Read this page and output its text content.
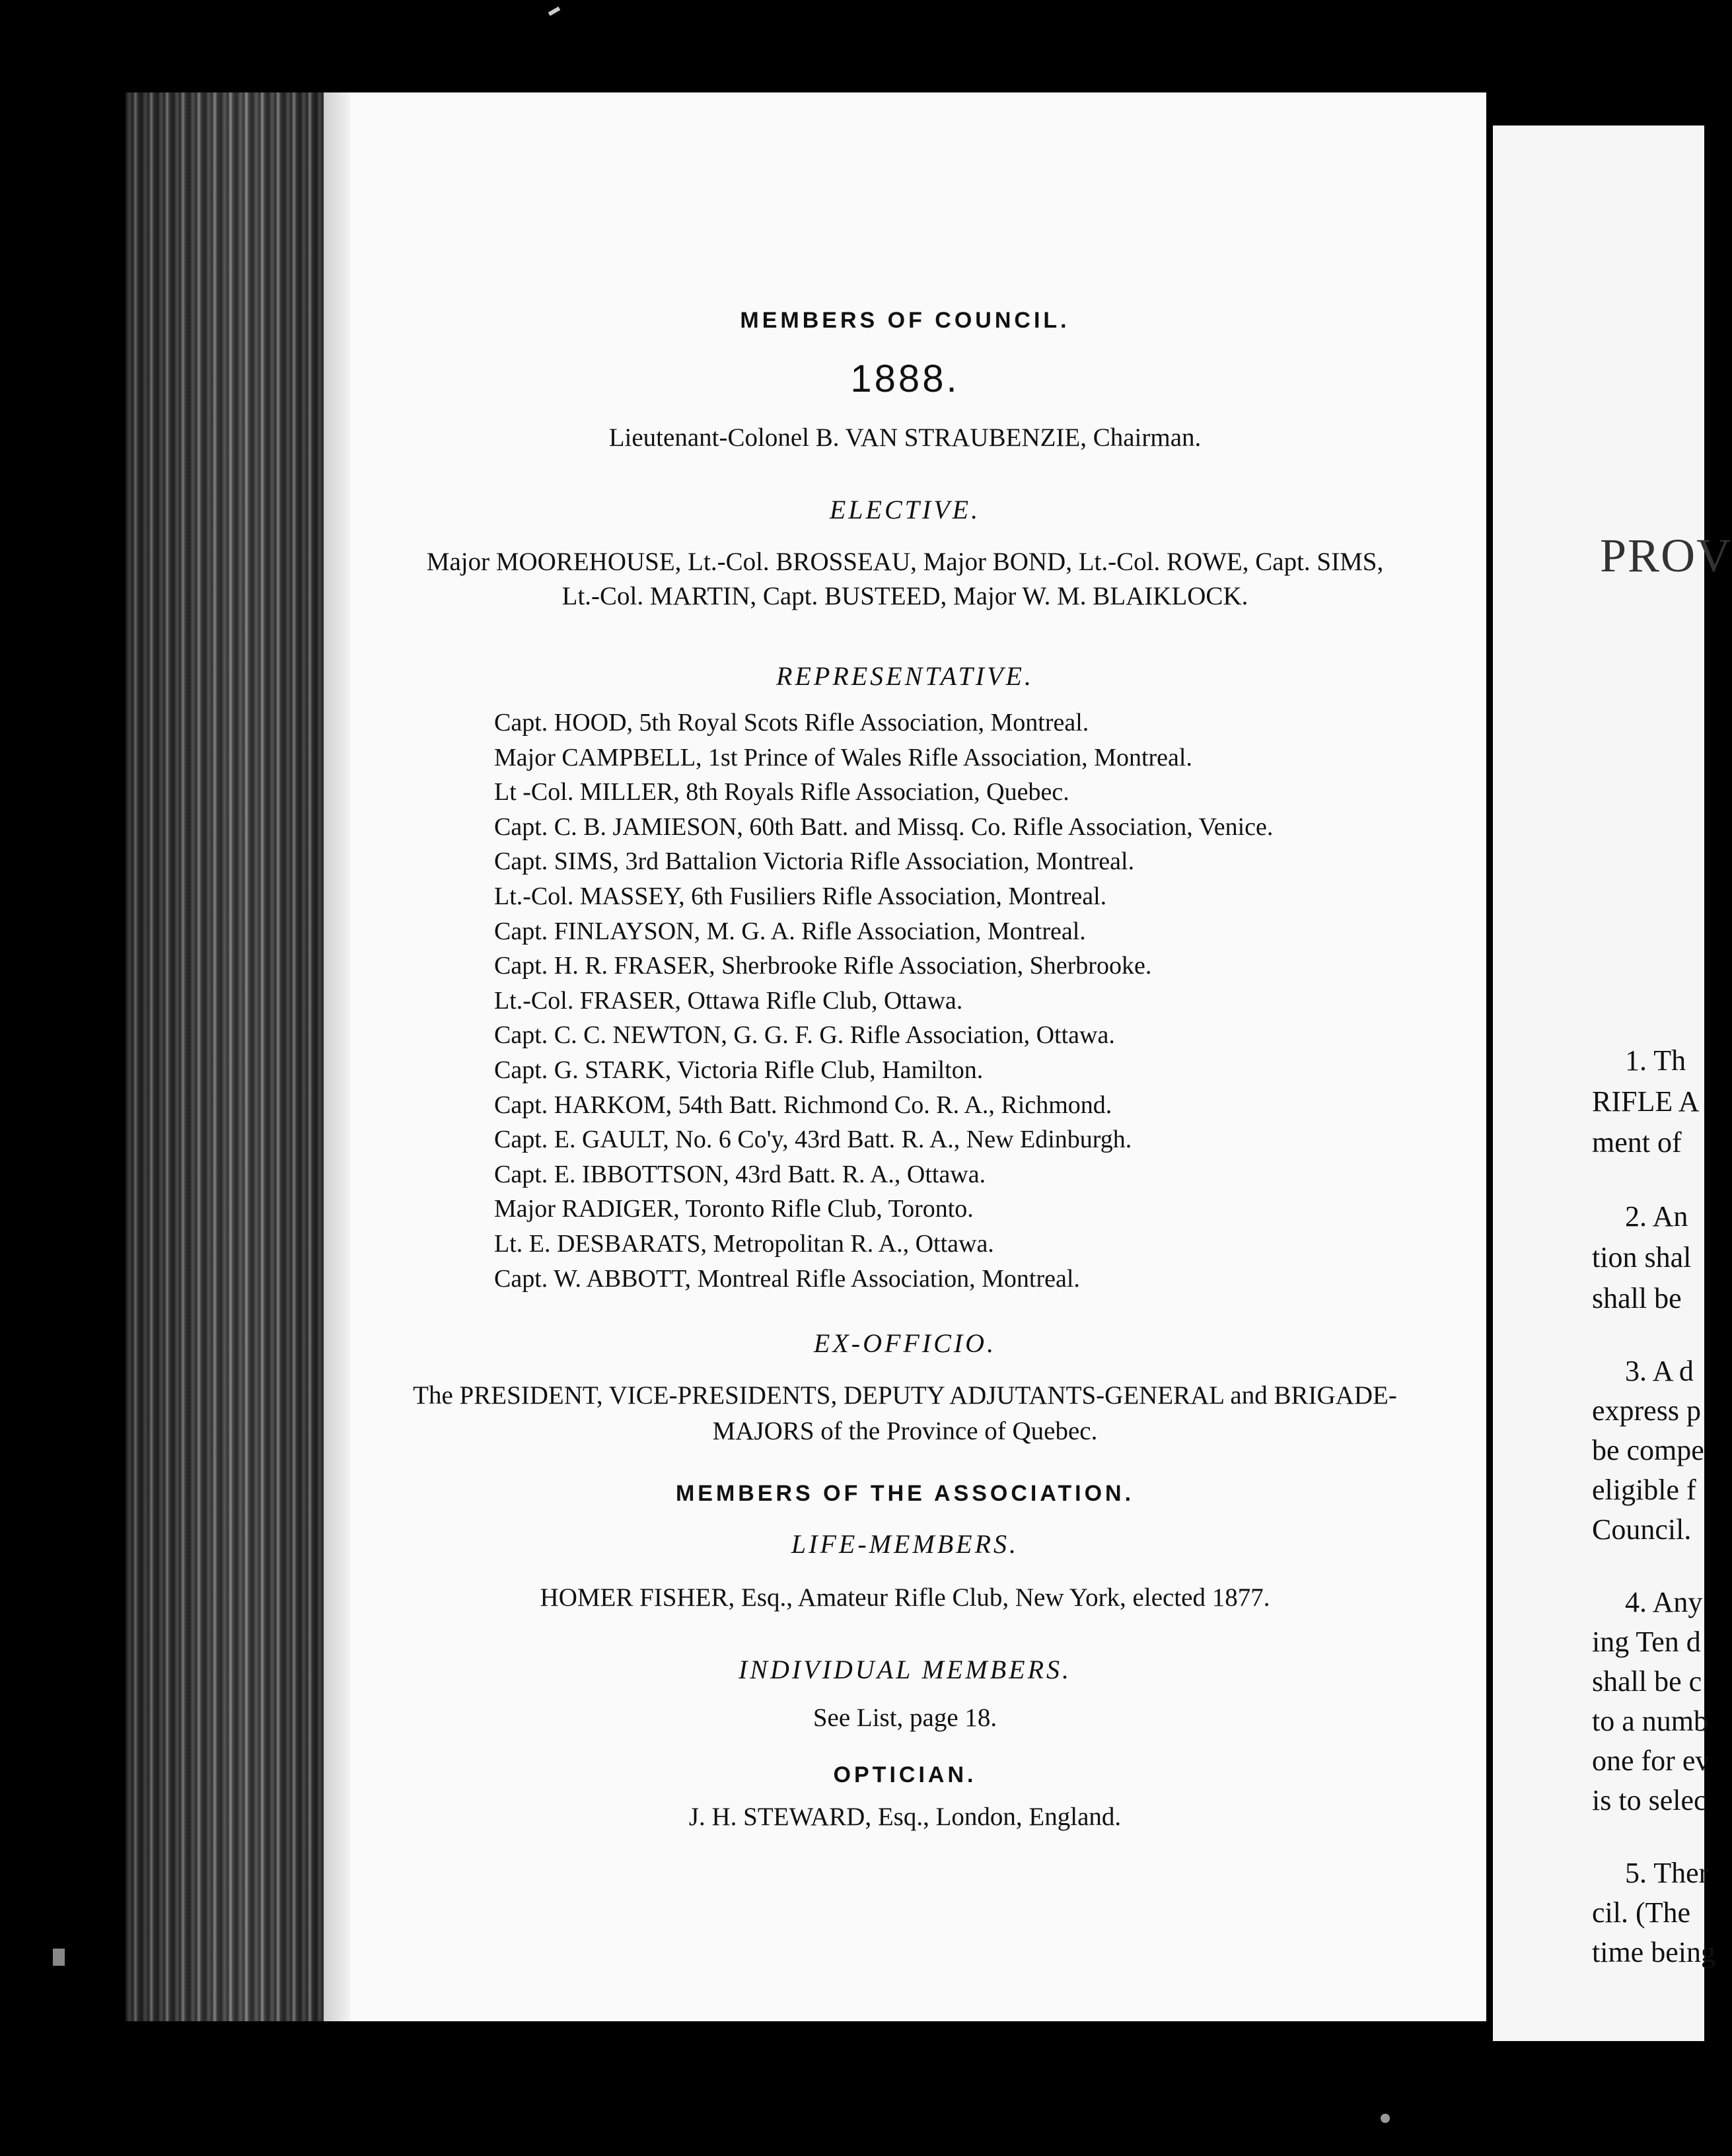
MEMBERS OF COUNCIL.
1888.
Lieutenant-Colonel B. VAN STRAUBENZIE, Chairman.
ELECTIVE.
Major MOOREHOUSE, Lt.-Col. BROSSEAU, Major BOND, Lt.-Col. ROWE, Capt. SIMS,
Lt.-Col. MARTIN, Capt. BUSTEED, Major W. M. BLAIKLOCK.
REPRESENTATIVE.
Capt. HOOD, 5th Royal Scots Rifle Association, Montreal.
Major CAMPBELL, 1st Prince of Wales Rifle Association, Montreal.
Lt -Col. MILLER, 8th Royals Rifle Association, Quebec.
Capt. C. B. JAMIESON, 60th Batt. and Missq. Co. Rifle Association, Venice.
Capt. SIMS, 3rd Battalion Victoria Rifle Association, Montreal.
Lt.-Col. MASSEY, 6th Fusiliers Rifle Association, Montreal.
Capt. FINLAYSON, M. G. A. Rifle Association, Montreal.
Capt. H. R. FRASER, Sherbrooke Rifle Association, Sherbrooke.
Lt.-Col. FRASER, Ottawa Rifle Club, Ottawa.
Capt. C. C. NEWTON, G. G. F. G. Rifle Association, Ottawa.
Capt. G. STARK, Victoria Rifle Club, Hamilton.
Capt. HARKOM, 54th Batt. Richmond Co. R. A., Richmond.
Capt. E. GAULT, No. 6 Co'y, 43rd Batt. R. A., New Edinburgh.
Capt. E. IBBOTTSON, 43rd Batt. R. A., Ottawa.
Major RADIGER, Toronto Rifle Club, Toronto.
Lt. E. DESBARATS, Metropolitan R. A., Ottawa.
Capt. W. ABBOTT, Montreal Rifle Association, Montreal.
EX-OFFICIO.
The PRESIDENT, VICE-PRESIDENTS, DEPUTY ADJUTANTS-GENERAL and BRIGADE-
MAJORS of the Province of Quebec.
MEMBERS OF THE ASSOCIATION.
LIFE-MEMBERS.
HOMER FISHER, Esq., Amateur Rifle Club, New York, elected 1877.
INDIVIDUAL MEMBERS.
See List, page 18.
OPTICIAN.
J. H. STEWARD, Esq., London, England.
PROV
1. Th
RIFLE A
ment of
2. An
tion shal
shall be
3. A d
express p
be compe
eligible f
Council.
4. Any
ing Ten d
shall be c
to a numb
one for ev
is to selec
5. Ther
cil. (The
time being
